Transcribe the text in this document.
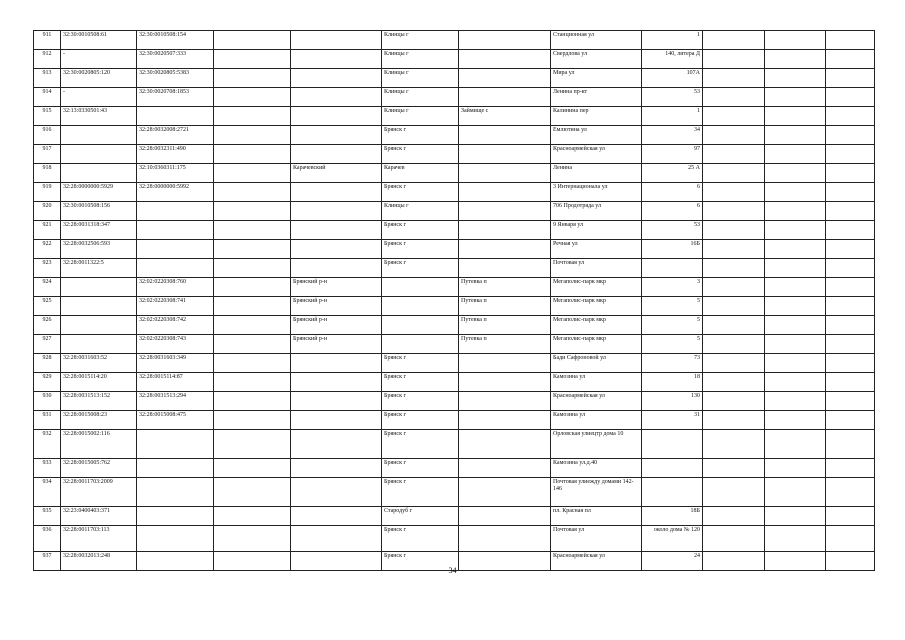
911	32:30:0010508:61	32:30:0010508:154			Клинцы г		Станционная ул	1			
912	-	32:30:0020507:333			Клинцы г		Свердлова ул	140, литера Д			
913	32:30:0020805:120	32:30:0020805:5383			Клинцы г		Мира ул	107А			
914	-	32:30:0020708:1853			Клинцы г		Ленина пр-кт	53			
915	32:13:0330501:43				Клинцы г	Займище с	Калинина пер	1			
916		32:28:0032008:2721			Брянск г		Емлютина ул	34			
917		32:28:0032311:490			Брянск г		Красноармейская ул	97			
918		32:10:0360311:175		Карачевский	Карачев		Ленина	25 А			
919	32:28:0000000:5929	32:28:0000000:5992			Брянск г		3 Интернационала ул	6			
920	32:30:0010508:156				Клинцы г		706 Продотряда ул	6			
921	32:28:0031318:347				Брянск г		9 Января ул	53			
922	32:28:0032506:593				Брянск г		Речная ул	16Б			
923	32:28:0011322:5				Брянск г		Почтовая ул				
924		32:02:0220308:760		Брянский р-н		Путевка п	Мегаполис-парк мкр	3			
925		32:02:0220308:741		Брянский р-н		Путевка п	Мегаполис-парк мкр	5			
926		32:02:0220308:742		Брянский р-н		Путевка п	Мегаполис-парк мкр	5			
927		32:02:0220308:743		Брянский р-н		Путевка п	Мегаполис-парк мкр	5			
928	32:28:0031603:52	32:28:0031603:349			Брянск г		Бади Сафроновой ул	73			
929	32:28:0015114:20	32:28:0015114:87			Брянск г		Камозина ул	18			
930	32:28:0031513:152	32:28:0031513:294			Брянск г		Красноармейская ул	130			
931	32:28:0015008:23	32:28:0015008:475			Брянск г		Камозина ул	31			
932	32:28:0015002:116				Брянск г		Орловская улиецтр дома 10				
933	32:28:0015005:762				Брянск г		Камозина ул.д.40				
934	32:28:0011703:2009				Брянск г		Почтовая улиежду домами 142-146				
935	32:23:0400403:371				Стародуб г		пл. Красная пл	18Б			
936	32:28:0011703:113				Брянск г		Почтовая ул	около дома № 120			
937	32:28:0032013:248				Брянск г		Красноармейская ул	24			
34
